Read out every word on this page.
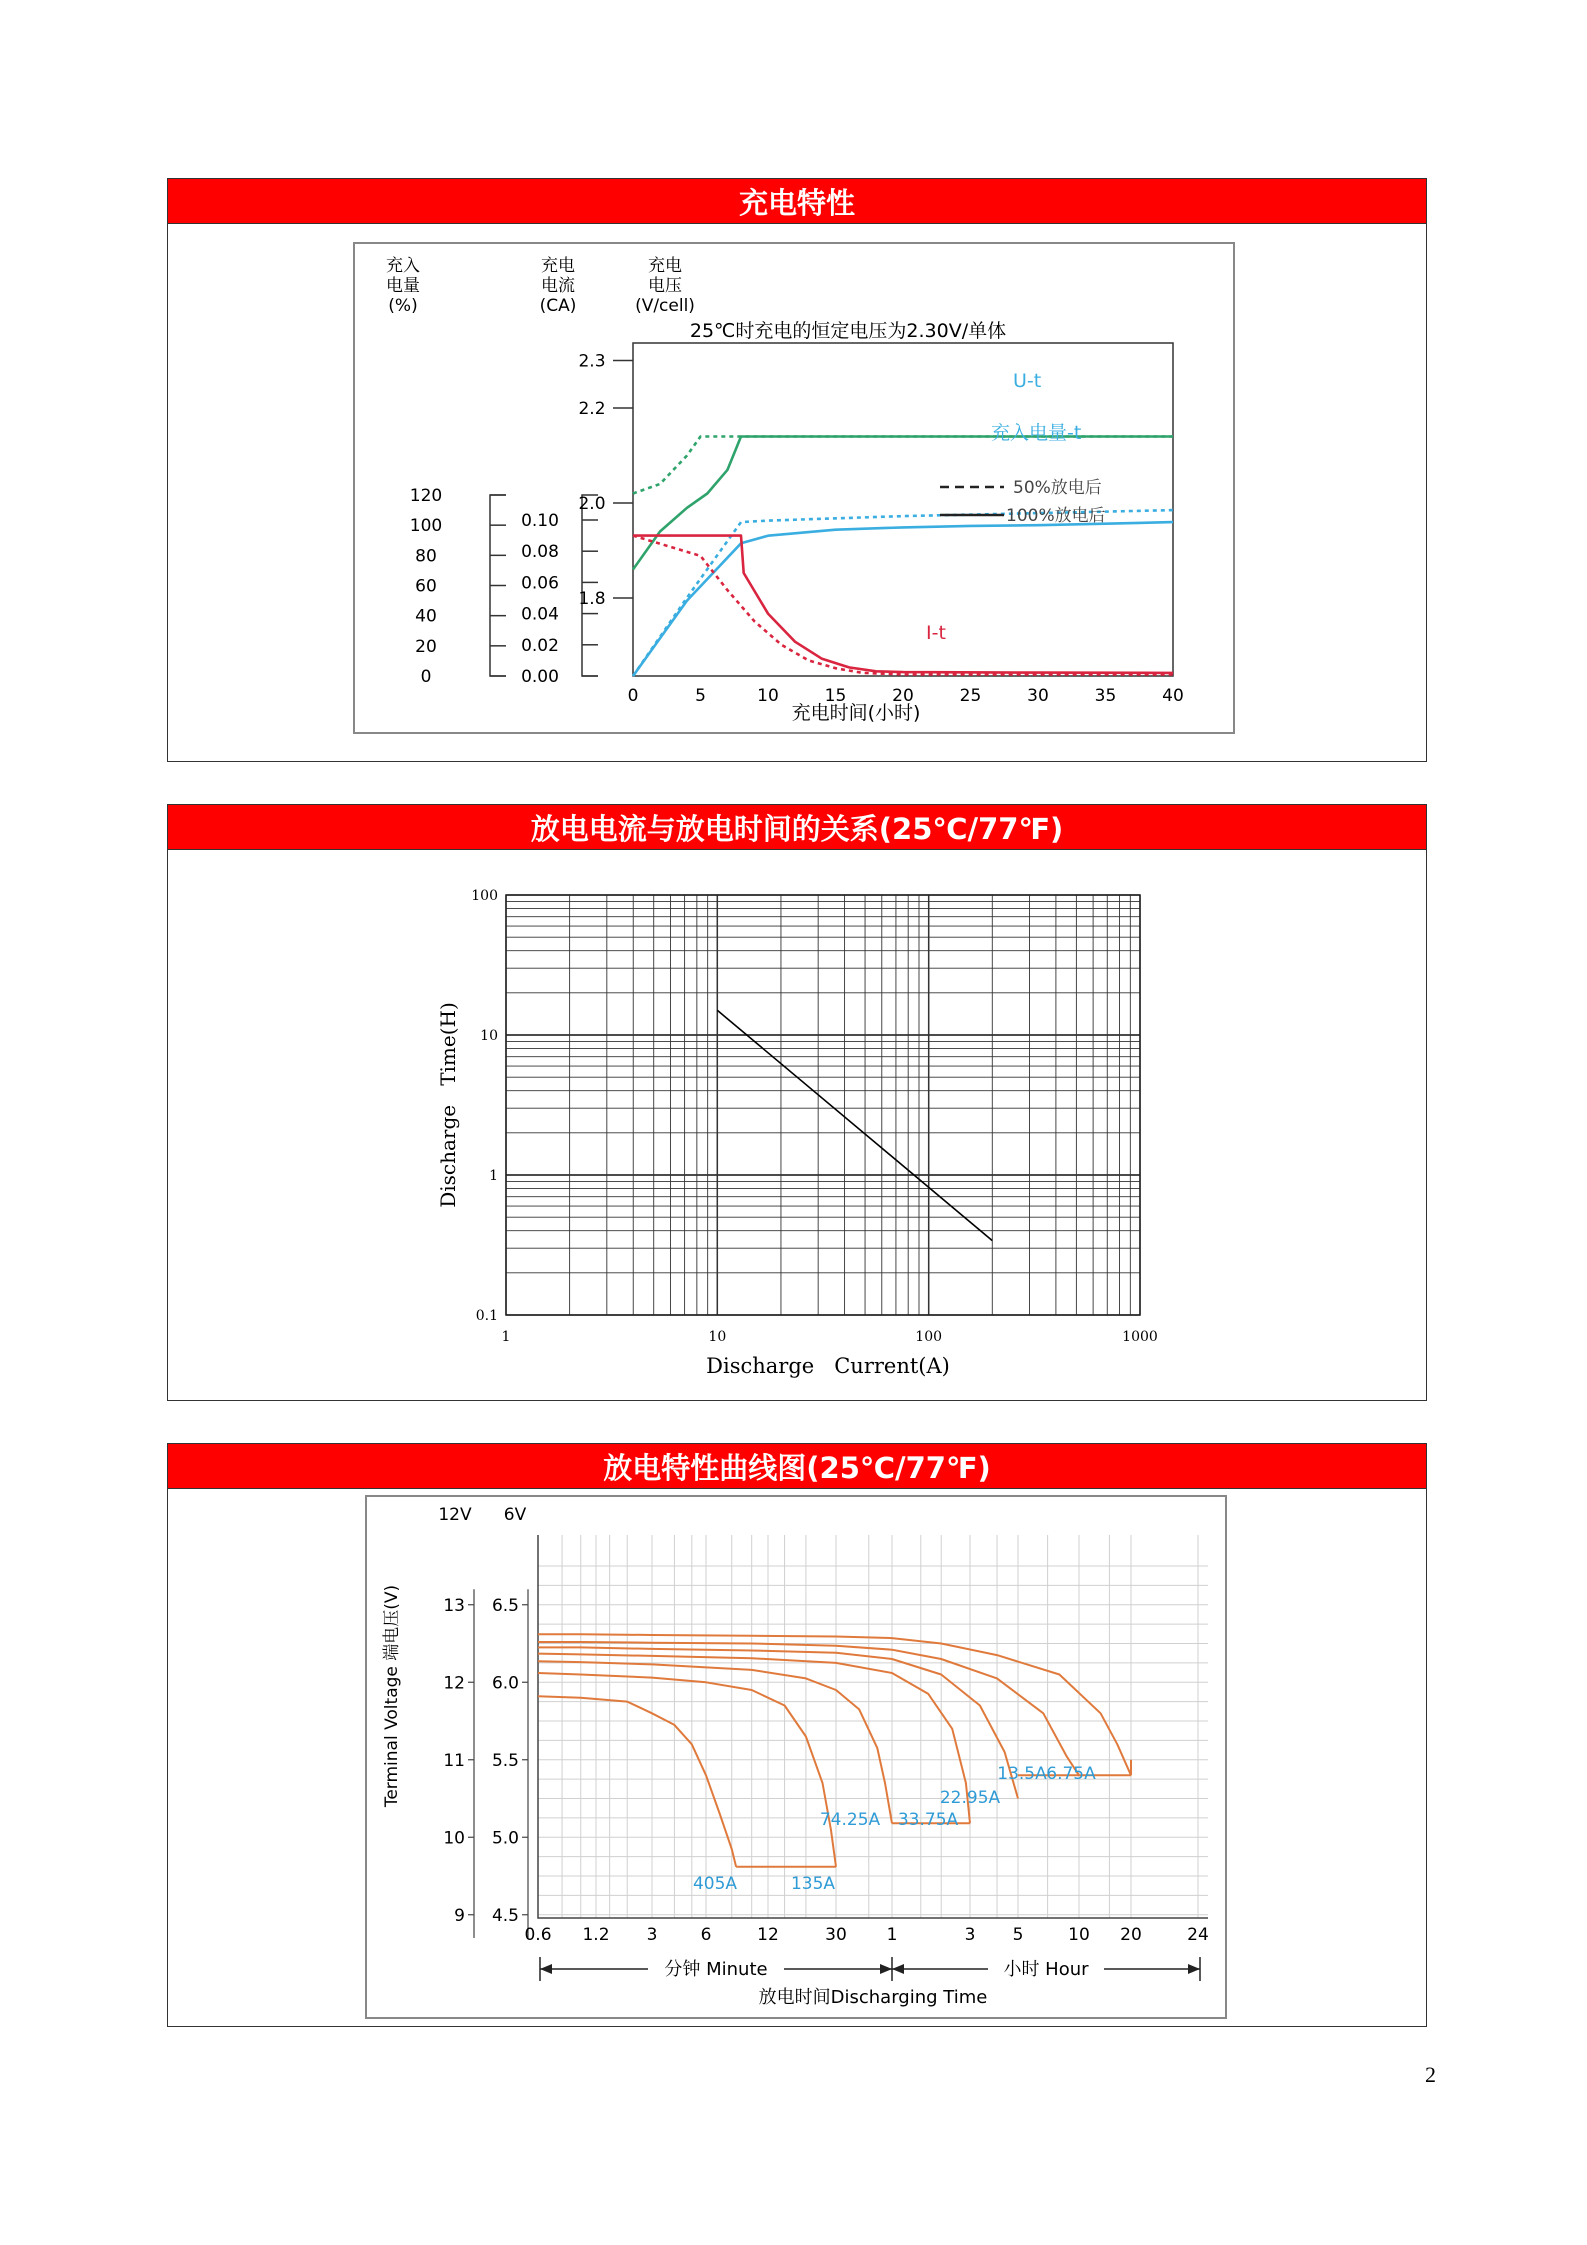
充电特性
充入
电量
(%)
充电
电流
(CA)
充电
电压
(V/cell)
0
20
40
60
80
100
120
0.00
0.02
0.04
0.06
0.08
0.10
1.8
2.0
2.2
2.3
25℃时充电的恒定电压为2.30V/单体
U-t
充入电量-t
I-t
50%放电后
100%放电后
0	5	10	15	20	25	30	35	40
充电时间(小时)
放电电流与放电时间的关系(25℃/77℉)
1	10	100	1000
0.1
1
10
100
Discharge   Time(H)
Discharge   Current(A)
放电特性曲线图(25℃/77℉)
405A	135A
74.25A 33.75A
22.95A
13.5A 6.75A
12V 6V
9
10
11
12
13
4.5
5.0
5.5
6.0
6.5
Terminal Voltage 端电压(V)
0.6 1.2 3	6	12	30 1	3 5	10 20	24
分钟 Minute	小时 Hour
放电时间Discharging Time
2
